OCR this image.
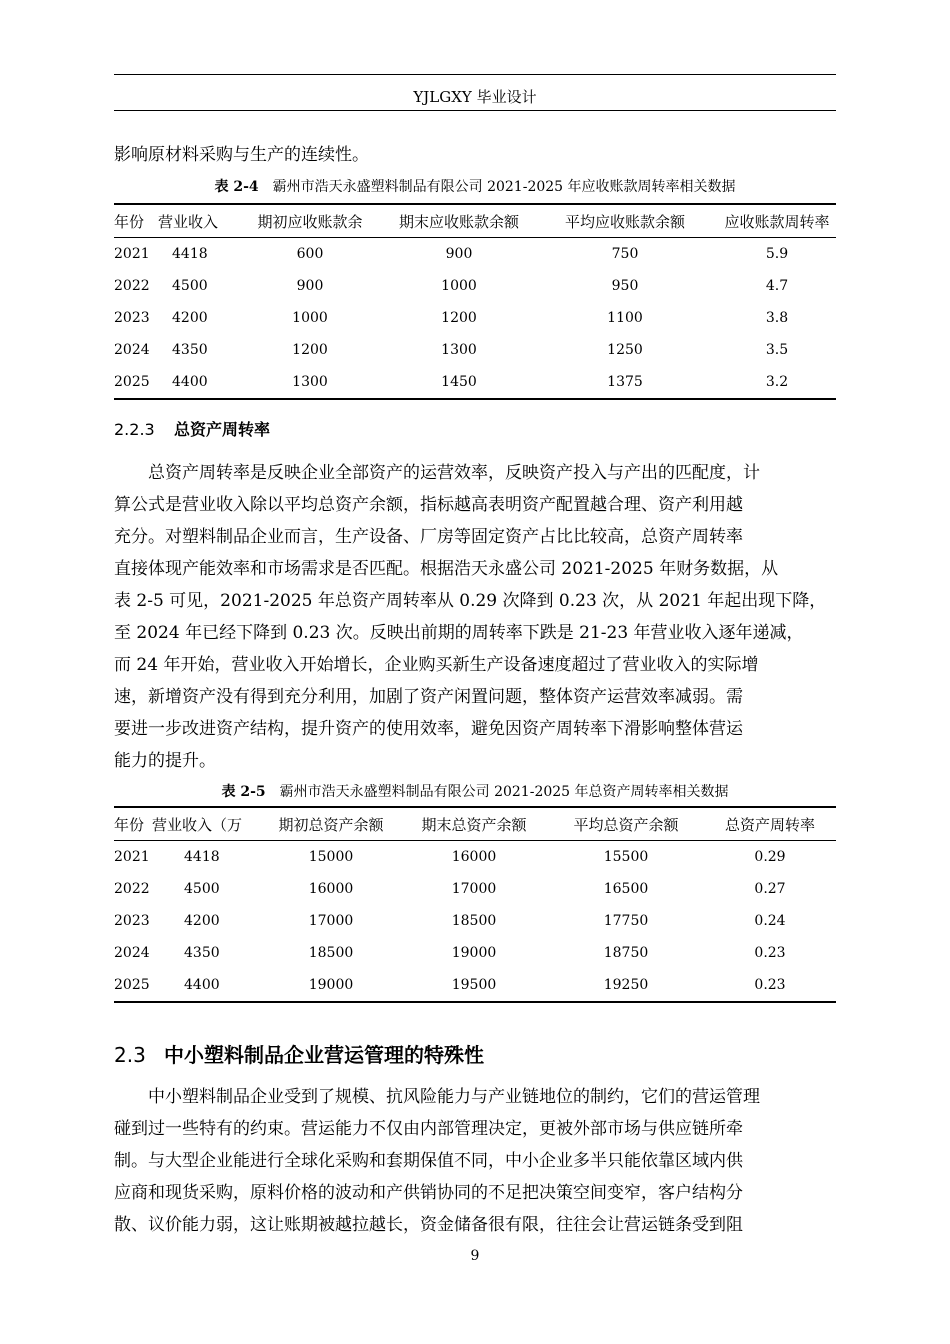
YJLGXY 毕业设计

影响原材料采购与生产的连续性。

表 2-4 霸州市浩天永盛塑料制品有限公司 2021-2025 年应收账款周转率相关数据
年份	营业收入	期初应收账款余	期末应收账款余额	平均应收账款余额	应收账款周转率
2021	4418	600	900	750	5.9
2022	4500	900	1000	950	4.7
2023	4200	1000	1200	1100	3.8
2024	4350	1200	1300	1250	3.5
2025	4400	1300	1450	1375	3.2
2.2.3 总资产周转率

总资产周转率是反映企业全部资产的运营效率，反映资产投入与产出的匹配度，计

算公式是营业收入除以平均总资产余额，指标越高表明资产配置越合理、资产利用越

充分。对塑料制品企业而言，生产设备、厂房等固定资产占比比较高，总资产周转率

直接体现产能效率和市场需求是否匹配。根据浩天永盛公司 2021-2025 年财务数据，从

表 2-5 可见，2021-2025 年总资产周转率从 0.29 次降到 0.23 次，从 2021 年起出现下降，

至 2024 年已经下降到 0.23 次。反映出前期的周转率下跌是 21-23 年营业收入逐年递减，

而 24 年开始，营业收入开始增长，企业购买新生产设备速度超过了营业收入的实际增

速，新增资产没有得到充分利用，加剧了资产闲置问题，整体资产运营效率减弱。需

要进一步改进资产结构，提升资产的使用效率，避免因资产周转率下滑影响整体营运

能力的提升。

表 2-5 霸州市浩天永盛塑料制品有限公司 2021-2025 年总资产周转率相关数据
年份	营业收入（万	期初总资产余额	期末总资产余额	平均总资产余额	总资产周转率
2021	4418	15000	16000	15500	0.29
2022	4500	16000	17000	16500	0.27
2023	4200	17000	18500	17750	0.24
2024	4350	18500	19000	18750	0.23
2025	4400	19000	19500	19250	0.23
2.3 中小塑料制品企业营运管理的特殊性

中小塑料制品企业受到了规模、抗风险能力与产业链地位的制约，它们的营运管理

碰到过一些特有的约束。营运能力不仅由内部管理决定，更被外部市场与供应链所牵

制。与大型企业能进行全球化采购和套期保值不同，中小企业多半只能依靠区域内供

应商和现货采购，原料价格的波动和产供销协同的不足把决策空间变窄，客户结构分

散、议价能力弱，这让账期被越拉越长，资金储备很有限，往往会让营运链条受到阻

9
